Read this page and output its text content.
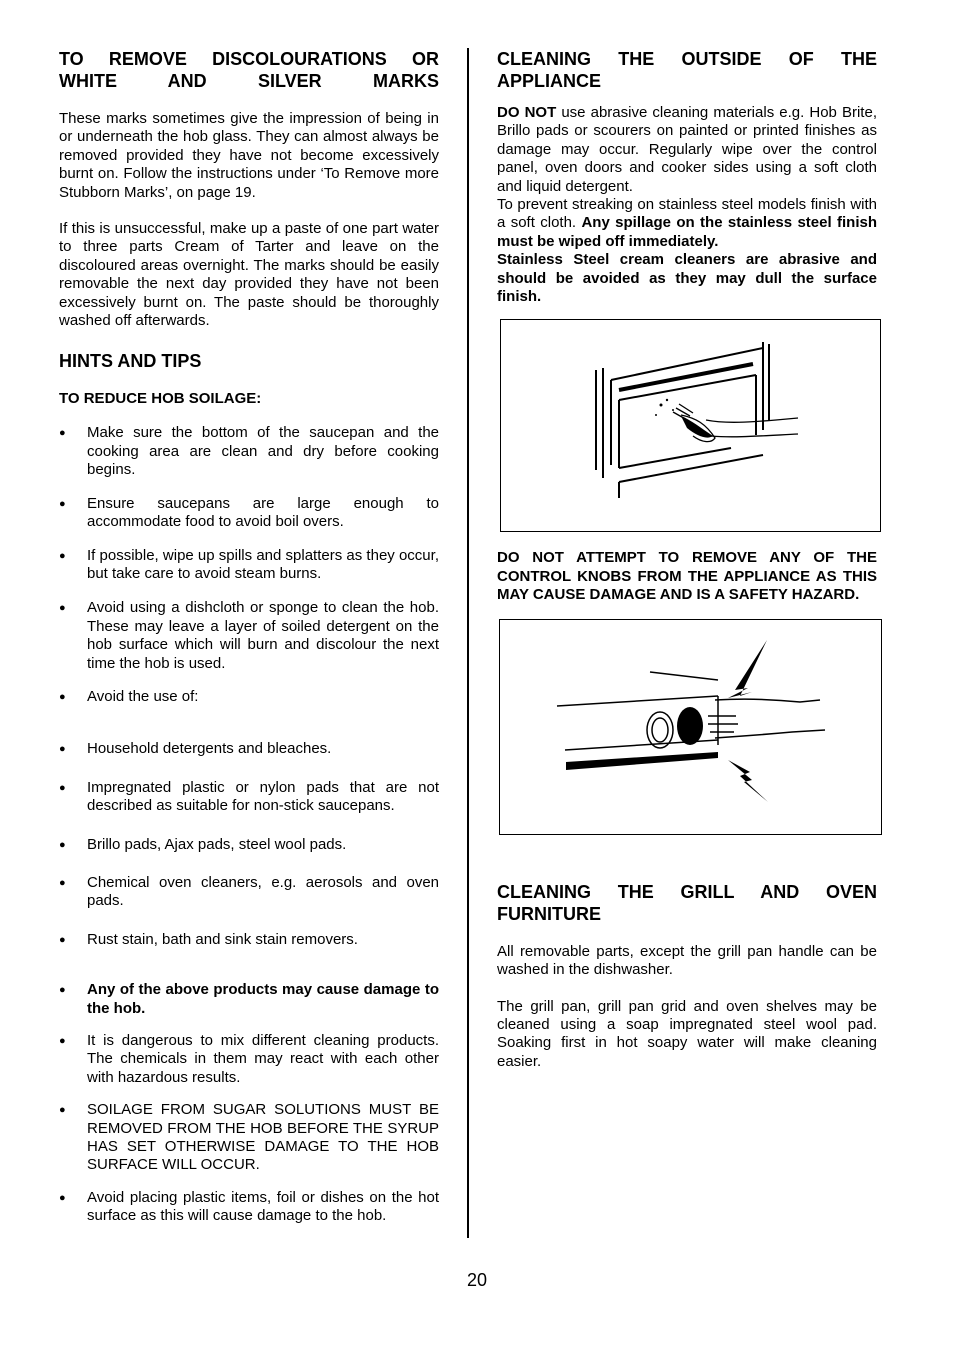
TO REMOVE DISCOLOURATIONS OR WHITE AND SILVER MARKS

These marks sometimes give the impression of being in or underneath the hob glass. They can almost always be removed provided they have not become excessively burnt on. Follow the instructions under ‘To Remove more Stubborn Marks’, on page 19.

If this is unsuccessful, make up a paste of one part water to three parts Cream of Tarter and leave on the discoloured areas overnight. The marks should be easily removable the next day provided they have not been excessively burnt on. The paste should be thoroughly washed off afterwards.

HINTS AND TIPS
TO REDUCE HOB SOILAGE:
● Make sure the bottom of the saucepan and the cooking area are clean and dry before cooking begins.
● Ensure saucepans are large enough to accommodate food to avoid boil overs.
● If possible, wipe up spills and splatters as they occur, but take care to avoid steam burns.
● Avoid using a dishcloth or sponge to clean the hob. These may leave a layer of soiled detergent on the hob surface which will burn and discolour the next time the hob is used.
● Avoid the use of:
● Household detergents and bleaches.
● Impregnated plastic or nylon pads that are not described as suitable for non-stick saucepans.
● Brillo pads, Ajax pads, steel wool pads.
● Chemical oven cleaners, e.g. aerosols and oven pads.
● Rust stain, bath and sink stain removers.
● Any of the above products may cause damage to the hob.
● It is dangerous to mix different cleaning products. The chemicals in them may react with each other with hazardous results.
● SOILAGE FROM SUGAR SOLUTIONS MUST BE REMOVED FROM THE HOB BEFORE THE SYRUP HAS SET OTHERWISE DAMAGE TO THE HOB SURFACE WILL OCCUR.
● Avoid placing plastic items, foil or dishes on the hot surface as this will cause damage to the hob.
CLEANING THE OUTSIDE OF THE APPLIANCE

DO NOT use abrasive cleaning materials e.g. Hob Brite, Brillo pads or scourers on painted or printed finishes as damage may occur. Regularly wipe over the control panel, oven doors and cooker sides using a soft cloth and liquid detergent.

To prevent streaking on stainless steel models finish with a soft cloth. Any spillage on the stainless steel finish must be wiped off immediately.

Stainless Steel cream cleaners are abrasive and should be avoided as they may dull the surface finish.

DO NOT ATTEMPT TO REMOVE ANY OF THE CONTROL KNOBS FROM THE APPLIANCE AS THIS MAY CAUSE DAMAGE AND IS A SAFETY HAZARD.

CLEANING THE GRILL AND OVEN FURNITURE

All removable parts, except the grill pan handle can be washed in the dishwasher.

The grill pan, grill pan grid and oven shelves may be cleaned using a soap impregnated steel wool pad. Soaking first in hot soapy water will make cleaning easier.

20
